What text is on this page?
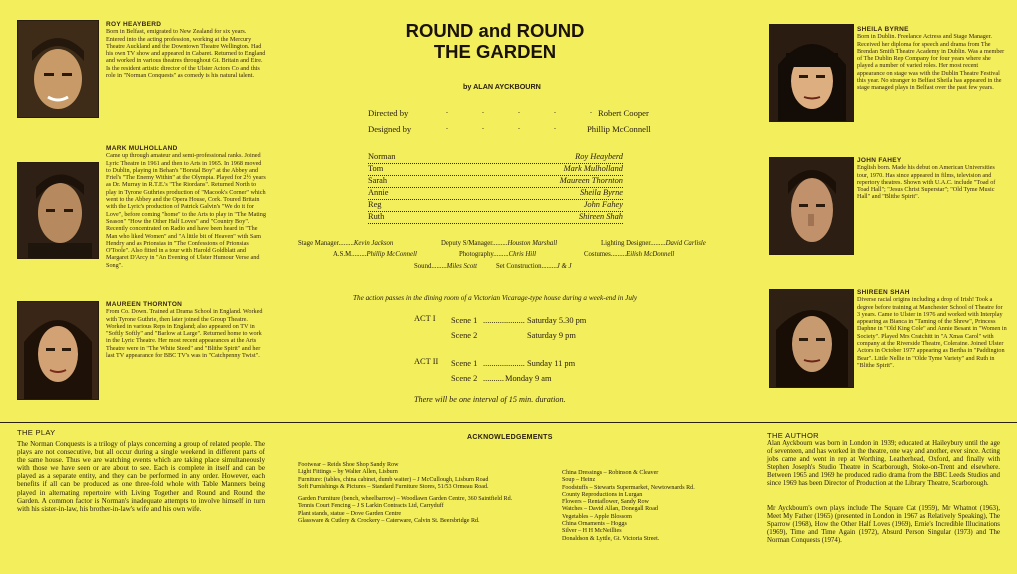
ROY HEAYBERD
Born in Belfast, emigrated to New Zealand for six years. Entered into the acting profession, working at the Mercury Theatre Auckland and the Downtown Theatre Wellington. Had his own TV show and appeared in Cabaret. Returned to England and worked in various theatres throughout Gt. Britain and Eire. Is the resident artistic director of the Ulster Actors Co and this role in "Norman Conquests" as comedy is his natural talent.
MARK MULHOLLAND
Came up through amateur and semi-professional ranks. Joined Lyric Theatre in 1961 and then to Arts in 1965. In 1968 moved to Dublin, playing in Behan's "Borstal Boy" at the Abbey and Friel's "The Enemy Within" at the Olympia. Played for 2½ years as Dr. Murray in R.T.E.'s "The Riordans". Returned North to play in Tyrone Guthries production of "Macook's Corner" which went to the Abbey and the Opera House, Cork. Toured Britain with the Lyric's production of Patrick Galvin's "We do it for Love", before coming "home" to the Arts to play in "The Mating Season" "How the Other Half Loves" and "Country Boy". Recently concentrated on Radio and have been heard in "The Man who liked Women" and "A little bit of Heaven" with Sam Hendry and as Prionsias in "The Confessions of Prionsias O'Toole". Also fitted in a tour with Harold Goldblatt and Margaret D'Arcy in "An Evening of Ulster Humour Verse and Song".
MAUREEN THORNTON
From Co. Down. Trained at Drama School in England. Worked with Tyrone Guthrie, then later joined the Group Theatre. Worked in various Reps in England; also appeared on TV in "Softly Softly" and "Barlow at Large". Returned home to work in the Lyric Theatre. Her most recent appearances at the Arts Theatre were in "The White Steed" and "Blithe Spirit" and her last TV appearance for BBC TV's was in "Catchpenny Twist".
SHEILA BYRNE
Born in Dublin. Freelance Actress and Stage Manager. Received her diploma for speech and drama from The Brendan Smith Theatre Academy in Dublin. Was a member of The Dublin Rep Company for four years where she played a number of varied roles. Her most recent appearance on stage was with the Dublin Theatre Festival this year. No stranger to Belfast Sheila has appeared in the stage managed plays in Belfast over the past few years.
JOHN FAHEY
English born. Made his debut on American Universities tour, 1970. Has since appeared in films, television and repertory theatres. Shown with U.A.C. include "Toad of Toad Hall"; "Jesus Christ Superstar"; "Old Tyme Music Hall" and "Blithe Spirit".
SHIREEN SHAH
Diverse racial origins including a drop of Irish! Took a degree before training at Manchester School of Theatre for 3 years. Came to Ulster in 1976 and worked with Interplay appearing as Bianca in "Taming of the Shrew", Princess Daphne in "Old King Cole" and Annie Besant in "Women in Society". Played Mrs Cratchitt in "A Xmas Carol" with company at the Riverside Theatre, Coleraine. Joined Ulster Actors in October 1977 appearing as Bertha in "Paddington Bear". Little Nellie in "Olde Tyme Variety" and Ruth in "Blithe Spirit".
ROUND and ROUND
THE GARDEN
by ALAN AYCKBOURN
Directed by	. . . . .
Robert Cooper
Designed by	. . . . .
Phillip McConnell
Norman	Roy Heayberd
Tom	Mark Mulholland
Sarah	Maureen Thornton
Annie	Sheila Byrne
Reg	John Fahey
Ruth	Shireen Shah
Stage Manager.........Kevin Jackson	Deputy S/Manager.........Houston Marshall	Lighting Designer.........David Carlisle
A.S.M.........Phillip McConnell	Photography.........Chris Hill	Costumes.........Eilish McDonnell
Sound.........Miles Scott	Set Construction.........J & J
The action passes in the dining room of a Victorian Vicarage-type house during a week-end in July
ACT I Scene 1 .................... Saturday 5.30 pm
Scene 2	Saturday 9 pm
ACT II Scene 1 .................... Sunday 11 pm
Scene 2 .......... Monday 9 am
There will be one interval of 15 min. duration.
THE PLAY
The Norman Conquests is a trilogy of plays concerning a group of related people. The plays are not consecutive, but all occur during a single weekend in different parts of the same house. Thus we are watching events which are taking place simultaneously with those we have seen or are about to see. Each is complete in itself and can be played as a separate entity, and they can be performed in any order. However, each benefits if all can be produced as one three-fold whole with Table Manners being played in alternating repertoire with Living Together and Round and Round the Garden. A common factor is Norman's inadequate attempts to involve himself in turn with his sister-in-law, his brother-in-law's wife and his own wife.
ACKNOWLEDGEMENTS
Footwear – Reids Shoe Shop Sandy Row
Light Fittings – by Walter Allen, Lisburn
Furniture: (tables, china cabinet, dumb waiter) – J McCullough, Lisburn Road
Soft Furnishings & Pictures – Standard Furniture Stores, 51/53 Ormeau Road.
Garden Furniture (bench, wheelbarrow) – Woodlawn Garden Centre, 360 Saintfield Rd.
Tennis Court Fencing – J S Larkin Contracts Ltd, Carryduff
Plant stands, statue – Dove Garden Centre
Glassware & Cutlery & Crockery – Caterware, Calvin St. Beersbridge Rd.
China Dressings – Robinson & Cleaver
Soup – Heinz
Foodstuffs – Stewarts Supermarket, Newtownards Rd.
County Reproductions in Lurgan
Flowers – Rentaflower, Sandy Row
Watches – David Allan, Donegall Road
Vegetables – Apple Blossom
China Ornaments – Hoggs
Silver – H H McNeillies
Donaldson & Lyttle, Gt. Victoria Street.
THE AUTHOR
Alan Ayckbourn was born in London in 1939; educated at Haileybury until the age of seventeen, and has worked in the theatre, one way and another, ever since. Acting jobs came and went in rep at Worthing, Leatherhead, Oxford, and finally with Stephen Joseph's Studio Theatre in Scarborough, Stoke-on-Trent and elsewhere. Between 1965 and 1969 he produced radio drama from the BBC Leeds Studios and since 1969 has been Director of Production at the Library Theatre, Scarborough.
Mr Ayckbourn's own plays include The Square Cat (1959), Mr Whatnot (1963), Meet My Father (1965) (presented in London in 1967 as Relatively Speaking), The Sparrow (1968), How the Other Half Loves (1969), Ernie's Incredible Illucinations (1969), Time and Time Again (1972), Absurd Person Singular (1973) and The Norman Conquests (1974).
